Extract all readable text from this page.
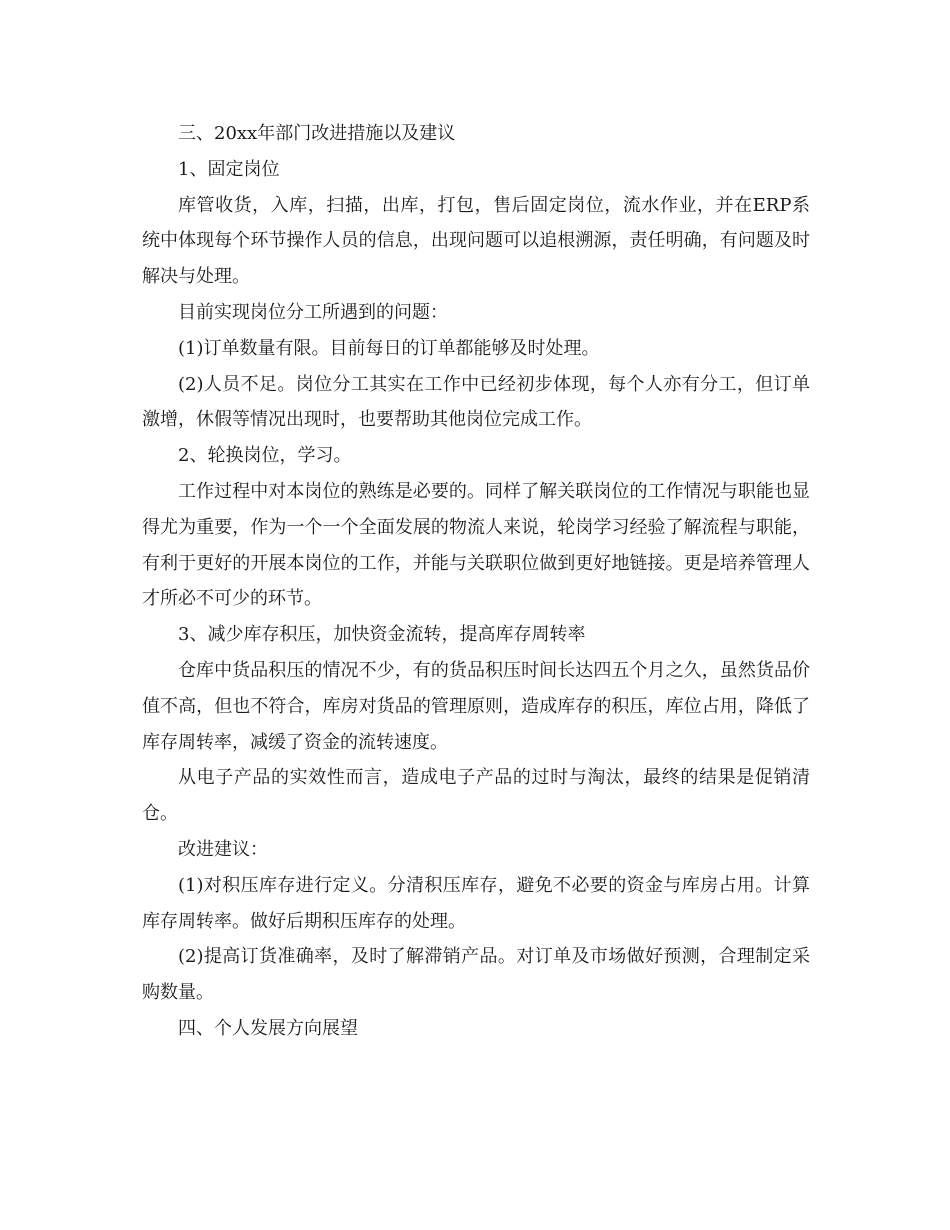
三、20xx年部门改进措施以及建议

1、固定岗位

库管收货，入库，扫描，出库，打包，售后固定岗位，流水作业，并在ERP系统中体现每个环节操作人员的信息，出现问题可以追根溯源，责任明确，有问题及时解决与处理。

目前实现岗位分工所遇到的问题：

(1)订单数量有限。目前每日的订单都能够及时处理。

(2)人员不足。岗位分工其实在工作中已经初步体现，每个人亦有分工，但订单激增，休假等情况出现时，也要帮助其他岗位完成工作。

2、轮换岗位，学习。

工作过程中对本岗位的熟练是必要的。同样了解关联岗位的工作情况与职能也显得尤为重要，作为一个一个全面发展的物流人来说，轮岗学习经验了解流程与职能，有利于更好的开展本岗位的工作，并能与关联职位做到更好地链接。更是培养管理人才所必不可少的环节。

3、减少库存积压，加快资金流转，提高库存周转率

仓库中货品积压的情况不少，有的货品积压时间长达四五个月之久，虽然货品价值不高，但也不符合，库房对货品的管理原则，造成库存的积压，库位占用，降低了库存周转率，减缓了资金的流转速度。

从电子产品的实效性而言，造成电子产品的过时与淘汰，最终的结果是促销清仓。

改进建议：

(1)对积压库存进行定义。分清积压库存，避免不必要的资金与库房占用。计算库存周转率。做好后期积压库存的处理。

(2)提高订货准确率，及时了解滞销产品。对订单及市场做好预测，合理制定采购数量。

四、个人发展方向展望
